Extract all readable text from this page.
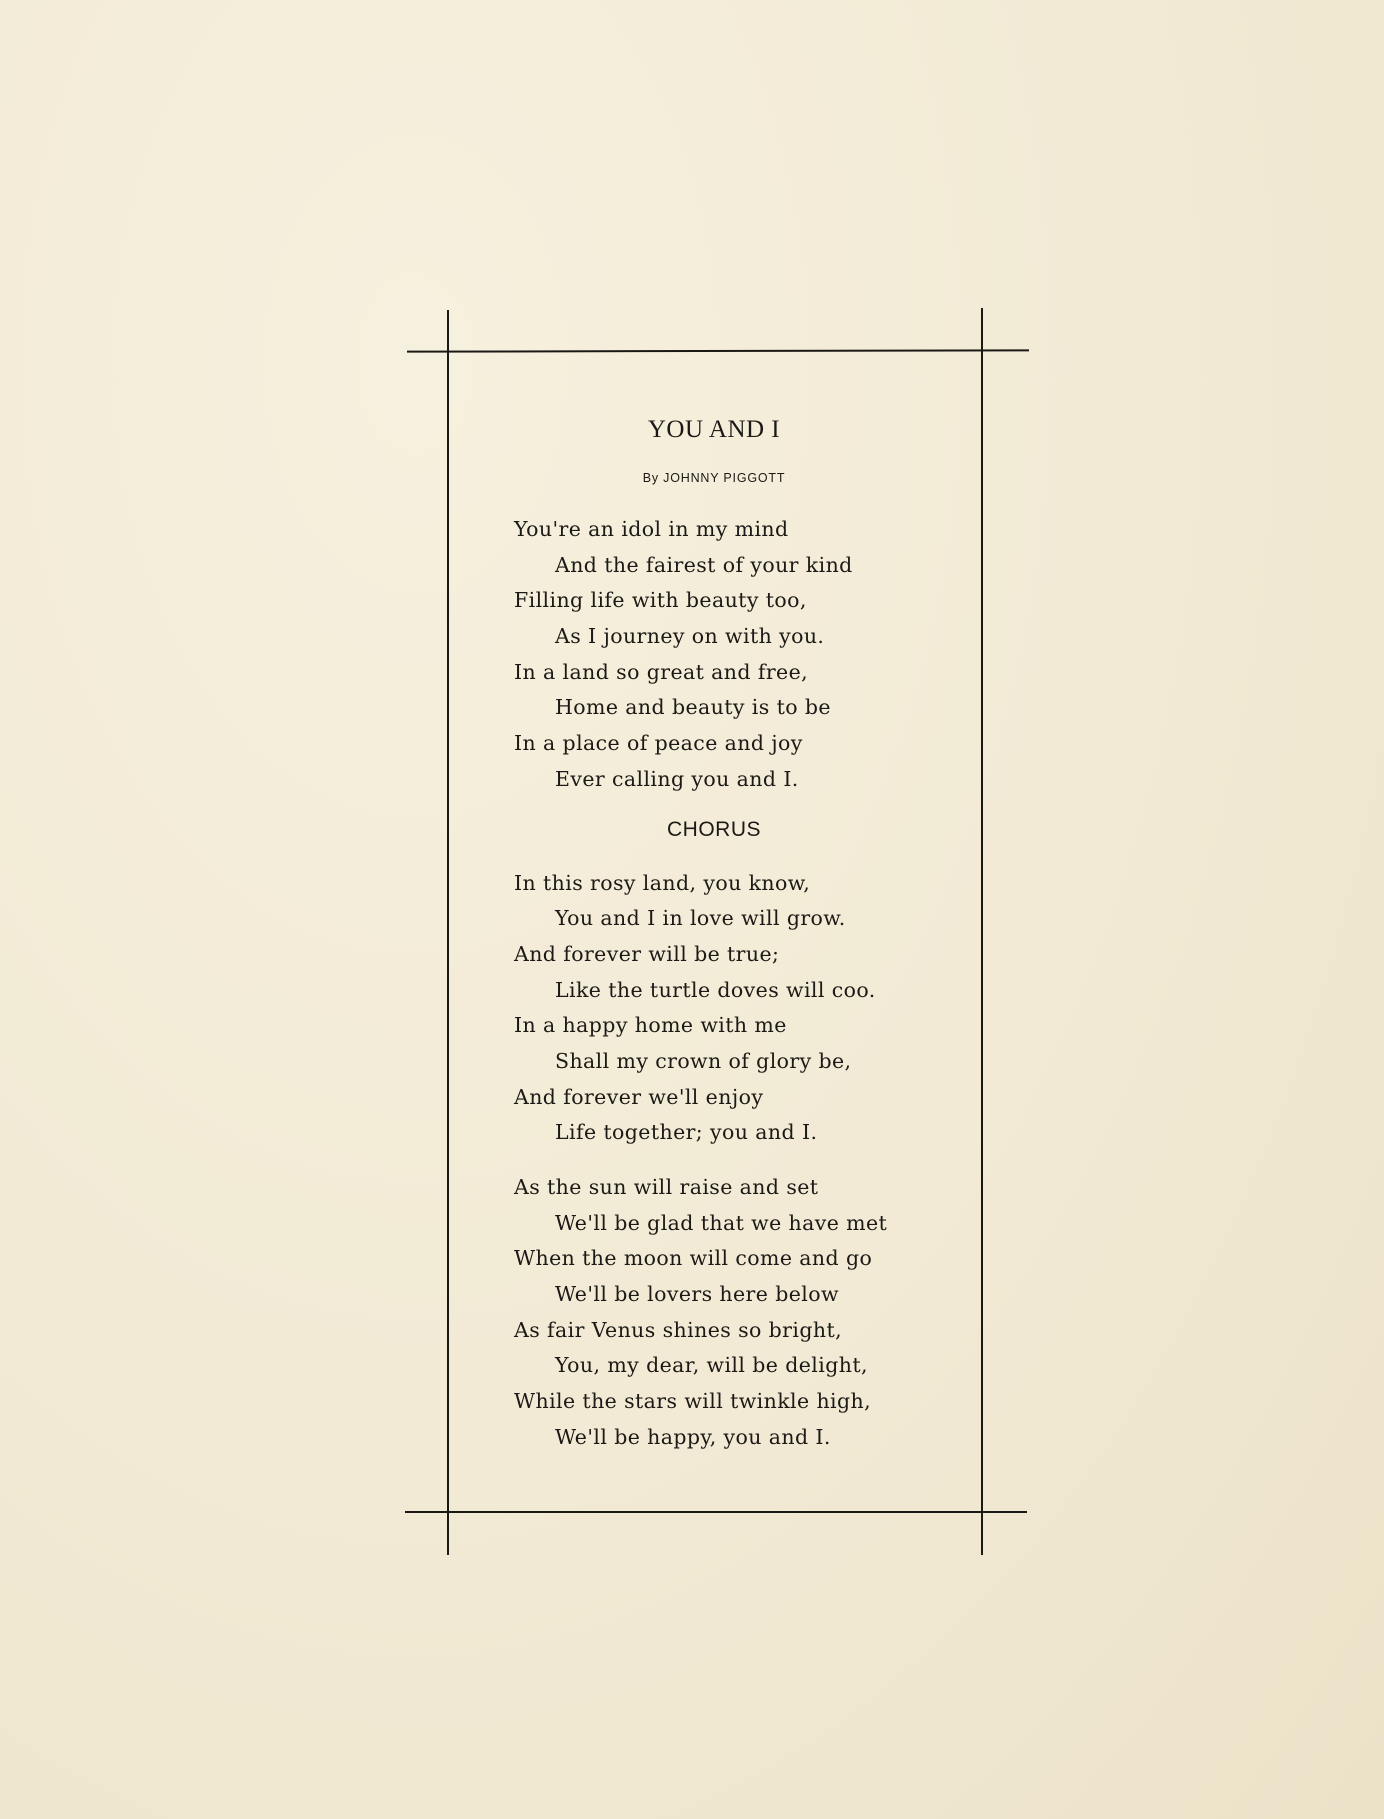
YOU AND I
By JOHNNY PIGGOTT
You're an idol in my mind
And the fairest of your kind
Filling life with beauty too,
As I journey on with you.
In a land so great and free,
Home and beauty is to be
In a place of peace and joy
Ever calling you and I.
CHORUS
In this rosy land, you know,
You and I in love will grow.
And forever will be true;
Like the turtle doves will coo.
In a happy home with me
Shall my crown of glory be,
And forever we'll enjoy
Life together; you and I.
As the sun will raise and set
We'll be glad that we have met
When the moon will come and go
We'll be lovers here below
As fair Venus shines so bright,
You, my dear, will be delight,
While the stars will twinkle high,
We'll be happy, you and I.
